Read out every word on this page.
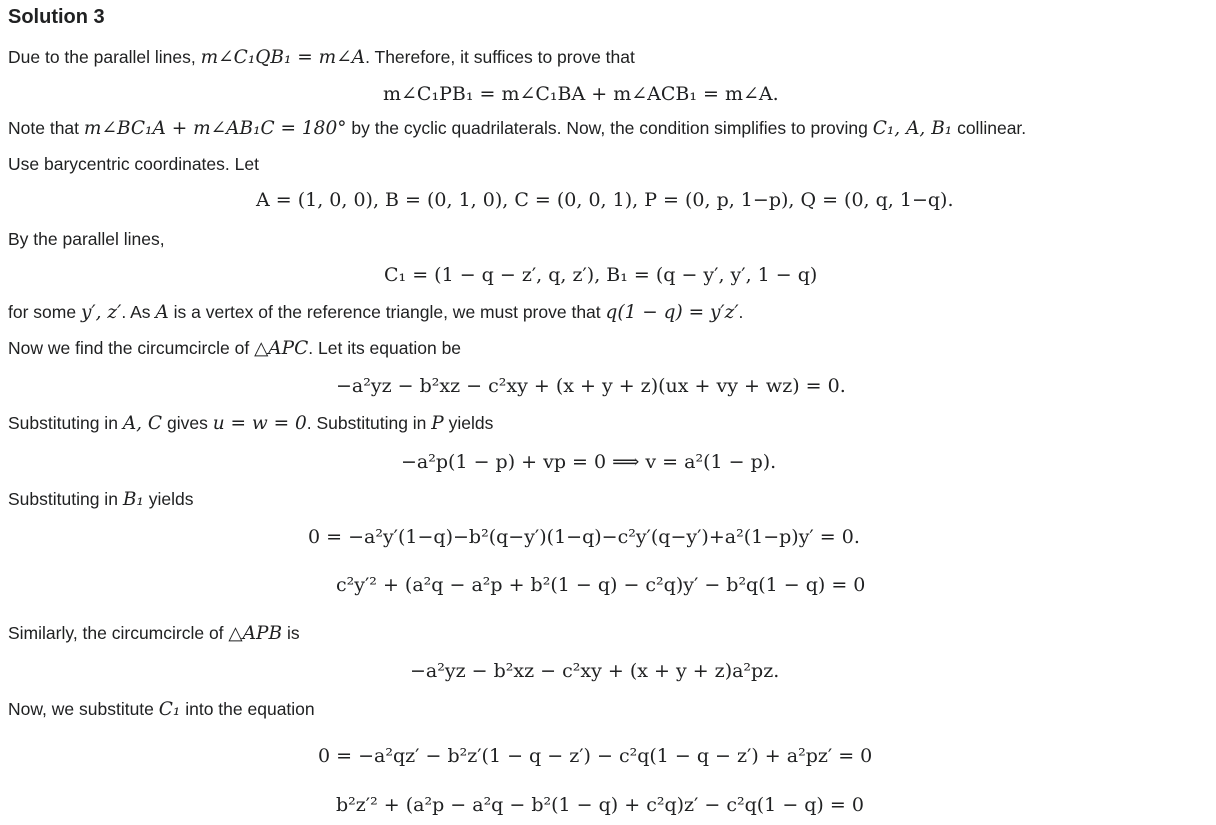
Solution 3
Due to the parallel lines, m∠C₁QB₁ = m∠A. Therefore, it suffices to prove that
m∠C₁PB₁ = m∠C₁BA + m∠ACB₁ = m∠A.
Note that m∠BC₁A + m∠AB₁C = 180° by the cyclic quadrilaterals. Now, the condition simplifies to proving C₁, A, B₁ collinear.
Use barycentric coordinates. Let
A = (1, 0, 0), B = (0, 1, 0), C = (0, 0, 1), P = (0, p, 1−p), Q = (0, q, 1−q).
By the parallel lines,
C₁ = (1 − q − z′, q, z′), B₁ = (q − y′, y′, 1 − q)
for some y′, z′. As A is a vertex of the reference triangle, we must prove that q(1 − q) = y′z′.
Now we find the circumcircle of △APC. Let its equation be
−a²yz − b²xz − c²xy + (x + y + z)(ux + vy + wz) = 0.
Substituting in A, C gives u = w = 0. Substituting in P yields
−a²p(1 − p) + vp = 0 ⟹ v = a²(1 − p).
Substituting in B₁ yields
0 = −a²y′(1−q)−b²(q−y′)(1−q)−c²y′(q−y′)+a²(1−p)y′ = 0.
c²y′² + (a²q − a²p + b²(1 − q) − c²q)y′ − b²q(1 − q) = 0
Similarly, the circumcircle of △APB is
−a²yz − b²xz − c²xy + (x + y + z)a²pz.
Now, we substitute C₁ into the equation
0 = −a²qz′ − b²z′(1 − q − z′) − c²q(1 − q − z′) + a²pz′ = 0
b²z′² + (a²p − a²q − b²(1 − q) + c²q)z′ − c²q(1 − q) = 0
